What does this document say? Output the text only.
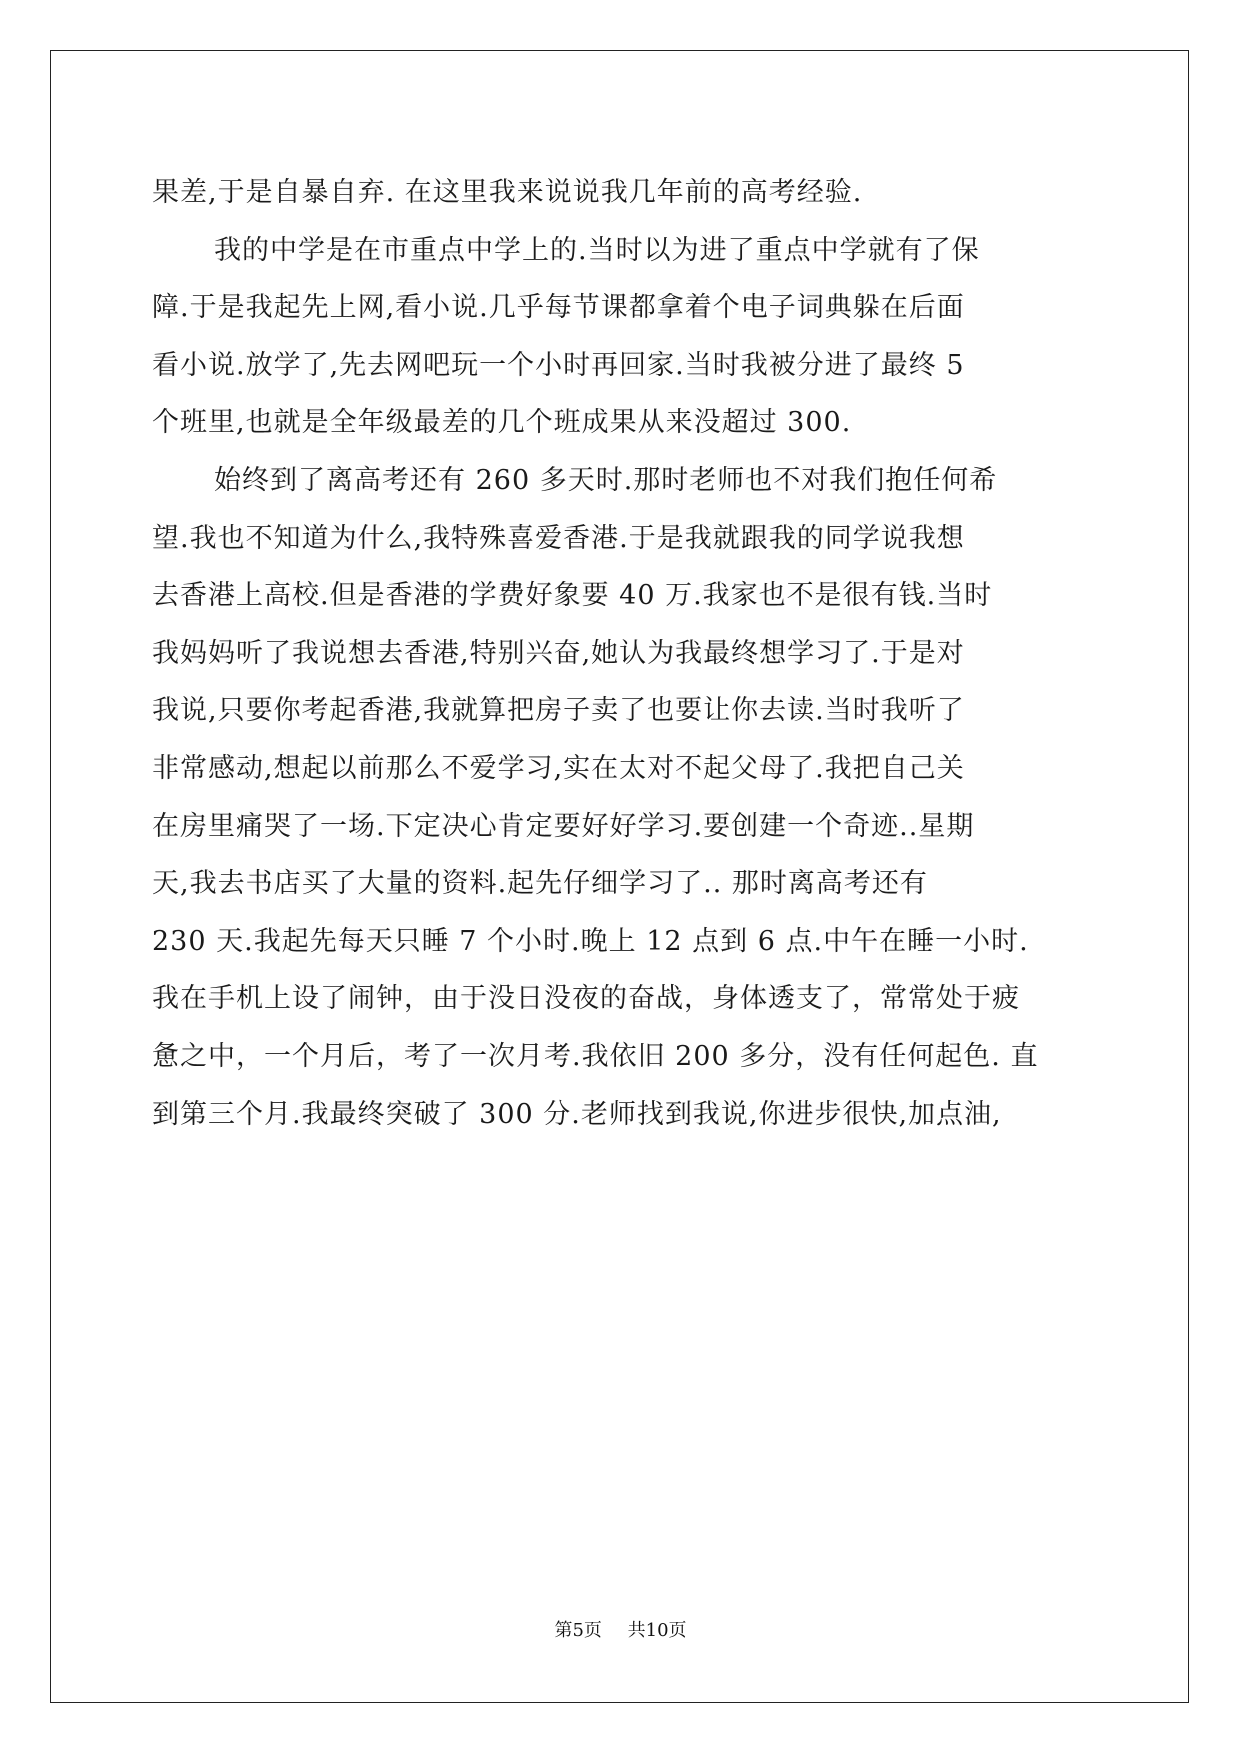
果差,于是自暴自弃. 在这里我来说说我几年前的高考经验.
我的中学是在市重点中学上的.当时以为进了重点中学就有了保
障.于是我起先上网,看小说.几乎每节课都拿着个电子词典躲在后面
看小说.放学了,先去网吧玩一个小时再回家.当时我被分进了最终 5
个班里,也就是全年级最差的几个班成果从来没超过 300.
始终到了离高考还有 260 多天时.那时老师也不对我们抱任何希
望.我也不知道为什么,我特殊喜爱香港.于是我就跟我的同学说我想
去香港上高校.但是香港的学费好象要 40 万.我家也不是很有钱.当时
我妈妈听了我说想去香港,特别兴奋,她认为我最终想学习了.于是对
我说,只要你考起香港,我就算把房子卖了也要让你去读.当时我听了
非常感动,想起以前那么不爱学习,实在太对不起父母了.我把自己关
在房里痛哭了一场.下定决心肯定要好好学习.要创建一个奇迹..星期
天,我去书店买了大量的资料.起先仔细学习了.. 那时离高考还有
230 天.我起先每天只睡 7 个小时.晚上 12 点到 6 点.中午在睡一小时.
我在手机上设了闹钟，由于没日没夜的奋战，身体透支了，常常处于疲
惫之中，一个月后，考了一次月考.我依旧 200 多分，没有任何起色. 直
到第三个月.我最终突破了 300 分.老师找到我说,你进步很快,加点油,
第5页 共10页
